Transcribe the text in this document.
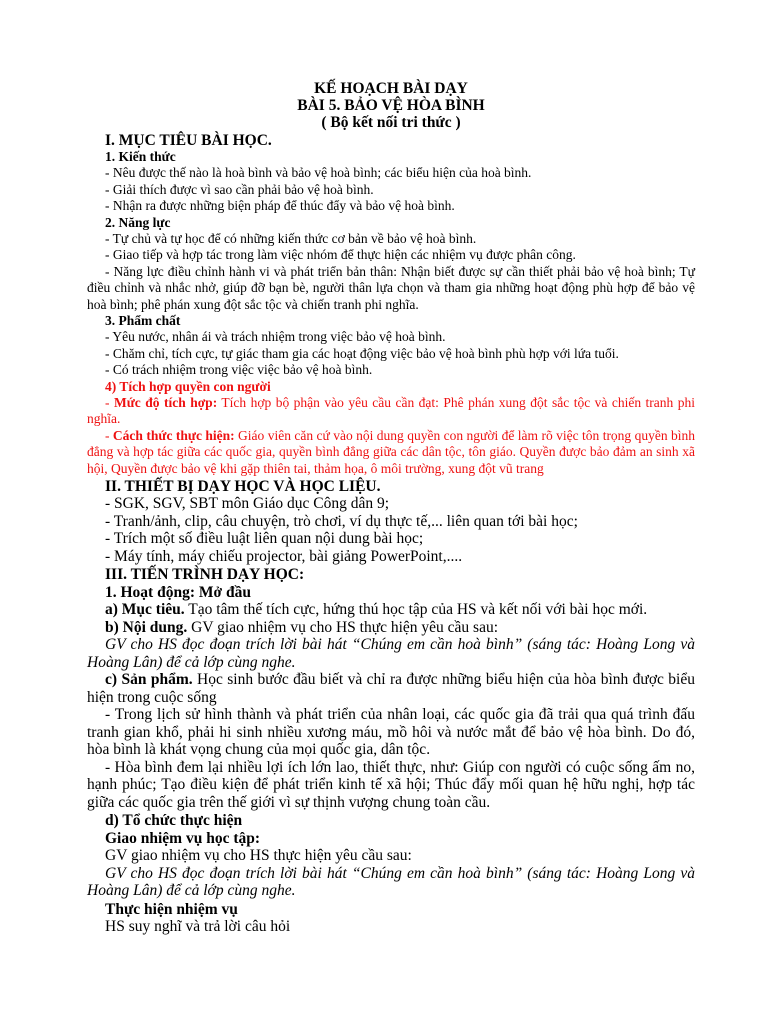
KẾ HOẠCH BÀI DẠY
BÀI 5. BẢO VỆ HÒA BÌNH
( Bộ kết nối tri thức )
I. MỤC TIÊU BÀI HỌC.
1. Kiến thức
- Nêu được thế nào là hoà bình và bảo vệ hoà bình; các biểu hiện của hoà bình.
- Giải thích được vì sao cần phải bảo vệ hoà bình.
- Nhận ra được những biện pháp để thúc đẩy và bảo vệ hoà bình.
2. Năng lực
- Tự chủ và tự học để có những kiến thức cơ bản về bảo vệ hoà bình.
- Giao tiếp và hợp tác trong làm việc nhóm để thực hiện các nhiệm vụ được phân công.
- Năng lực điều chỉnh hành vi và phát triển bản thân: Nhận biết được sự cần thiết phải bảo vệ hoà bình; Tự điều chỉnh và nhắc nhở, giúp đỡ bạn bè, người thân lựa chọn và tham gia những hoạt động phù hợp để bảo vệ hoà bình; phê phán xung đột sắc tộc và chiến tranh phi nghĩa.
3. Phẩm chất
- Yêu nước, nhân ái và trách nhiệm trong việc bảo vệ hoà bình.
- Chăm chỉ, tích cực, tự giác tham gia các hoạt động việc bảo vệ hoà bình phù hợp với lứa tuổi.
- Có trách nhiệm trong việc việc bảo vệ hoà bình.
4) Tích hợp quyền con người
- Mức độ tích hợp: Tích hợp bộ phận vào yêu cầu cần đạt: Phê phán xung đột sắc tộc và chiến tranh phi nghĩa.
- Cách thức thực hiện: Giáo viên căn cứ vào nội dung quyền con người để làm rõ việc tôn trọng quyền bình đẳng và hợp tác giữa các quốc gia, quyền bình đẳng giữa các dân tộc, tôn giáo. Quyền được bảo đảm an sinh xã hội, Quyền được bảo vệ khi gặp thiên tai, thảm họa, ô môi trường, xung đột vũ trang
II. THIẾT BỊ DẠY HỌC VÀ HỌC LIỆU.
- SGK, SGV, SBT môn Giáo dục Công dân 9;
- Tranh/ảnh, clip, câu chuyện, trò chơi, ví dụ thực tế,... liên quan tới bài học;
- Trích một số điều luật liên quan nội dung bài học;
- Máy tính, máy chiếu projector, bài giảng PowerPoint,....
III. TIẾN TRÌNH DẠY HỌC:
1. Hoạt động: Mở đầu
a) Mục tiêu. Tạo tâm thế tích cực, hứng thú học tập của HS và kết nối với bài học mới.
b) Nội dung. GV giao nhiệm vụ cho HS thực hiện yêu cầu sau:
GV cho HS đọc đoạn trích lời bài hát “Chúng em cần hoà bình” (sáng tác: Hoàng Long và Hoàng Lân) để cả lớp cùng nghe.
c) Sản phẩm. Học sinh bước đầu biết và chỉ ra được những biểu hiện của hòa bình được biểu hiện trong cuộc sống
- Trong lịch sử hình thành và phát triển của nhân loại, các quốc gia đã trải qua quá trình đấu tranh gian khổ, phải hi sinh nhiều xương máu, mồ hôi và nước mắt để bảo vệ hòa bình. Do đó, hòa bình là khát vọng chung của mọi quốc gia, dân tộc.
- Hòa bình đem lại nhiều lợi ích lớn lao, thiết thực, như: Giúp con người có cuộc sống ấm no, hạnh phúc; Tạo điều kiện để phát triển kinh tế xã hội; Thúc đẩy mối quan hệ hữu nghị, hợp tác giữa các quốc gia trên thế giới vì sự thịnh vượng chung toàn cầu.
d) Tổ chức thực hiện
Giao nhiệm vụ học tập:
GV giao nhiệm vụ cho HS thực hiện yêu cầu sau:
GV cho HS đọc đoạn trích lời bài hát “Chúng em cần hoà bình” (sáng tác: Hoàng Long và Hoàng Lân) để cả lớp cùng nghe.
Thực hiện nhiệm vụ
HS suy nghĩ và trả lời câu hỏi
